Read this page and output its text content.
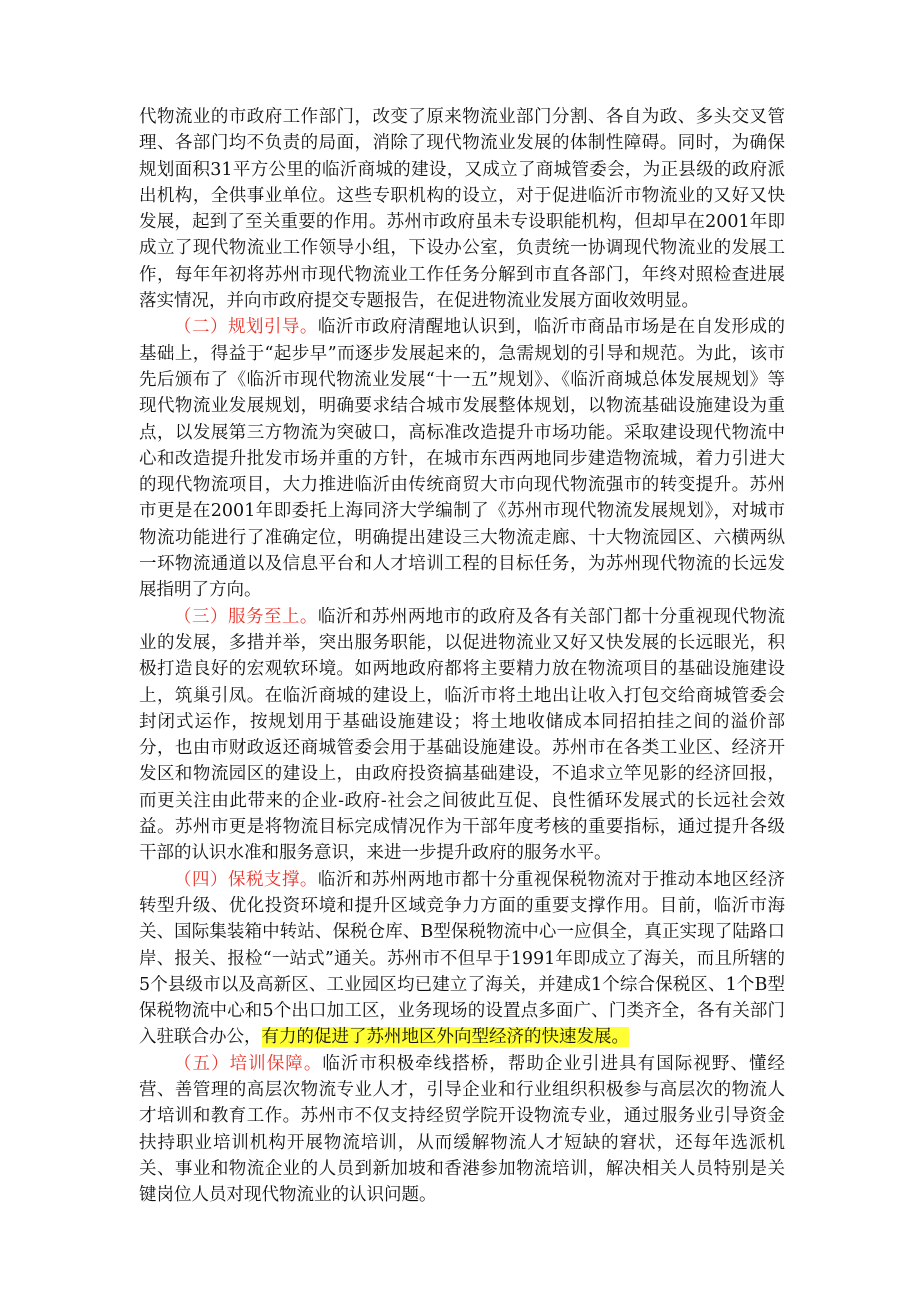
代物流业的市政府工作部门，改变了原来物流业部门分割、各自为政、多头交叉管理、各部门均不负责的局面，消除了现代物流业发展的体制性障碍。同时，为确保规划面积31平方公里的临沂商城的建设，又成立了商城管委会，为正县级的政府派出机构，全供事业单位。这些专职机构的设立，对于促进临沂市物流业的又好又快发展，起到了至关重要的作用。苏州市政府虽未专设职能机构，但却早在2001年即成立了现代物流业工作领导小组，下设办公室，负责统一协调现代物流业的发展工作，每年年初将苏州市现代物流业工作任务分解到市直各部门，年终对照检查进展落实情况，并向市政府提交专题报告，在促进物流业发展方面收效明显。

（二）规划引导。临沂市政府清醒地认识到，临沂市商品市场是在自发形成的基础上，得益于“起步早”而逐步发展起来的，急需规划的引导和规范。为此，该市先后颁布了《临沂市现代物流业发展“十一五”规划》、《临沂商城总体发展规划》等现代物流业发展规划，明确要求结合城市发展整体规划，以物流基础设施建设为重点，以发展第三方物流为突破口，高标准改造提升市场功能。采取建设现代物流中心和改造提升批发市场并重的方针，在城市东西两地同步建造物流城，着力引进大的现代物流项目，大力推进临沂由传统商贸大市向现代物流强市的转变提升。苏州市更是在2001年即委托上海同济大学编制了《苏州市现代物流发展规划》，对城市物流功能进行了准确定位，明确提出建设三大物流走廊、十大物流园区、六横两纵一环物流通道以及信息平台和人才培训工程的目标任务，为苏州现代物流的长远发展指明了方向。

（三）服务至上。临沂和苏州两地市的政府及各有关部门都十分重视现代物流业的发展，多措并举，突出服务职能，以促进物流业又好又快发展的长远眼光，积极打造良好的宏观软环境。如两地政府都将主要精力放在物流项目的基础设施建设上，筑巢引凤。在临沂商城的建设上，临沂市将土地出让收入打包交给商城管委会封闭式运作，按规划用于基础设施建设；将土地收储成本同招拍挂之间的溢价部分，也由市财政返还商城管委会用于基础设施建设。苏州市在各类工业区、经济开发区和物流园区的建设上，由政府投资搞基础建设，不追求立竿见影的经济回报，而更关注由此带来的企业-政府-社会之间彼此互促、良性循环发展式的长远社会效益。苏州市更是将物流目标完成情况作为干部年度考核的重要指标，通过提升各级干部的认识水准和服务意识，来进一步提升政府的服务水平。

（四）保税支撑。临沂和苏州两地市都十分重视保税物流对于推动本地区经济转型升级、优化投资环境和提升区域竞争力方面的重要支撑作用。目前，临沂市海关、国际集装箱中转站、保税仓库、B型保税物流中心一应俱全，真正实现了陆路口岸、报关、报检“一站式”通关。苏州市不但早于1991年即成立了海关，而且所辖的5个县级市以及高新区、工业园区均已建立了海关，并建成1个综合保税区、1个B型保税物流中心和5个出口加工区，业务现场的设置点多面广、门类齐全，各有关部门入驻联合办公，有力的促进了苏州地区外向型经济的快速发展。

（五）培训保障。临沂市积极牵线搭桥，帮助企业引进具有国际视野、懂经营、善管理的高层次物流专业人才，引导企业和行业组织积极参与高层次的物流人才培训和教育工作。苏州市不仅支持经贸学院开设物流专业，通过服务业引导资金扶持职业培训机构开展物流培训，从而缓解物流人才短缺的窘状，还每年选派机关、事业和物流企业的人员到新加坡和香港参加物流培训，解决相关人员特别是关键岗位人员对现代物流业的认识问题。
